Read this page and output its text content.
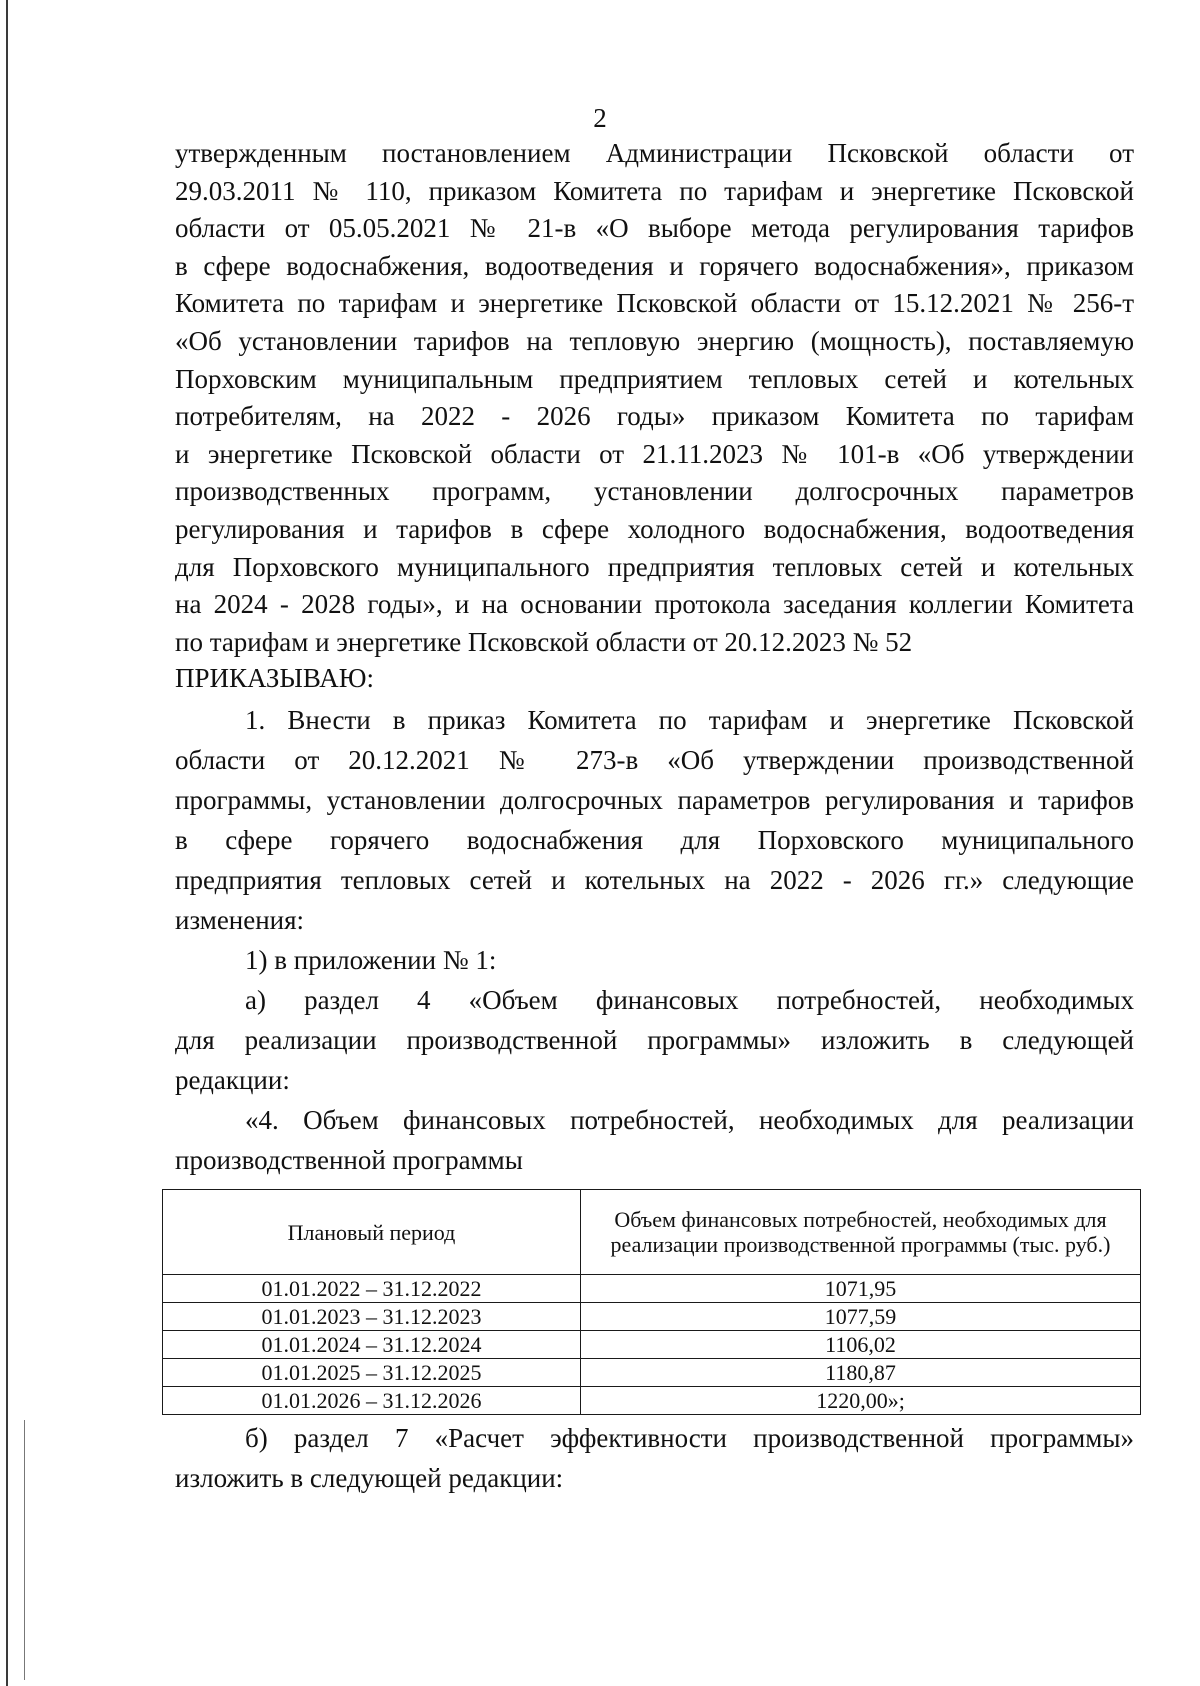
2

утвержденным постановлением Администрации Псковской области от

29.03.2011 № 110, приказом Комитета по тарифам и энергетике Псковской

области от 05.05.2021 № 21-в «О выборе метода регулирования тарифов

в сфере водоснабжения, водоотведения и горячего водоснабжения», приказом

Комитета по тарифам и энергетике Псковской области от 15.12.2021 № 256-т

«Об установлении тарифов на тепловую энергию (мощность), поставляемую

Порховским муниципальным предприятием тепловых сетей и котельных

потребителям, на 2022 - 2026 годы» приказом Комитета по тарифам

и энергетике Псковской области от 21.11.2023 № 101-в «Об утверждении

производственных программ, установлении долгосрочных параметров

регулирования и тарифов в сфере холодного водоснабжения, водоотведения

для Порховского муниципального предприятия тепловых сетей и котельных

на 2024 - 2028 годы», и на основании протокола заседания коллегии Комитета

по тарифам и энергетике Псковской области от 20.12.2023 № 52

ПРИКАЗЫВАЮ:

1. Внести в приказ Комитета по тарифам и энергетике Псковской

области от 20.12.2021 № 273-в «Об утверждении производственной

программы, установлении долгосрочных параметров регулирования и тарифов

в сфере горячего водоснабжения для Порховского муниципального

предприятия тепловых сетей и котельных на 2022 - 2026 гг.» следующие

изменения:

1) в приложении № 1:

а) раздел 4 «Объем финансовых потребностей, необходимых

для реализации производственной программы» изложить в следующей

редакции:

«4. Объем финансовых потребностей, необходимых для реализации

производственной программы

Плановый период	Объем финансовых потребностей, необходимых для реализации производственной программы (тыс. руб.)
01.01.2022 – 31.12.2022	1071,95
01.01.2023 – 31.12.2023	1077,59
01.01.2024 – 31.12.2024	1106,02
01.01.2025 – 31.12.2025	1180,87
01.01.2026 – 31.12.2026	1220,00»;

б) раздел 7 «Расчет эффективности производственной программы»

изложить в следующей редакции:
